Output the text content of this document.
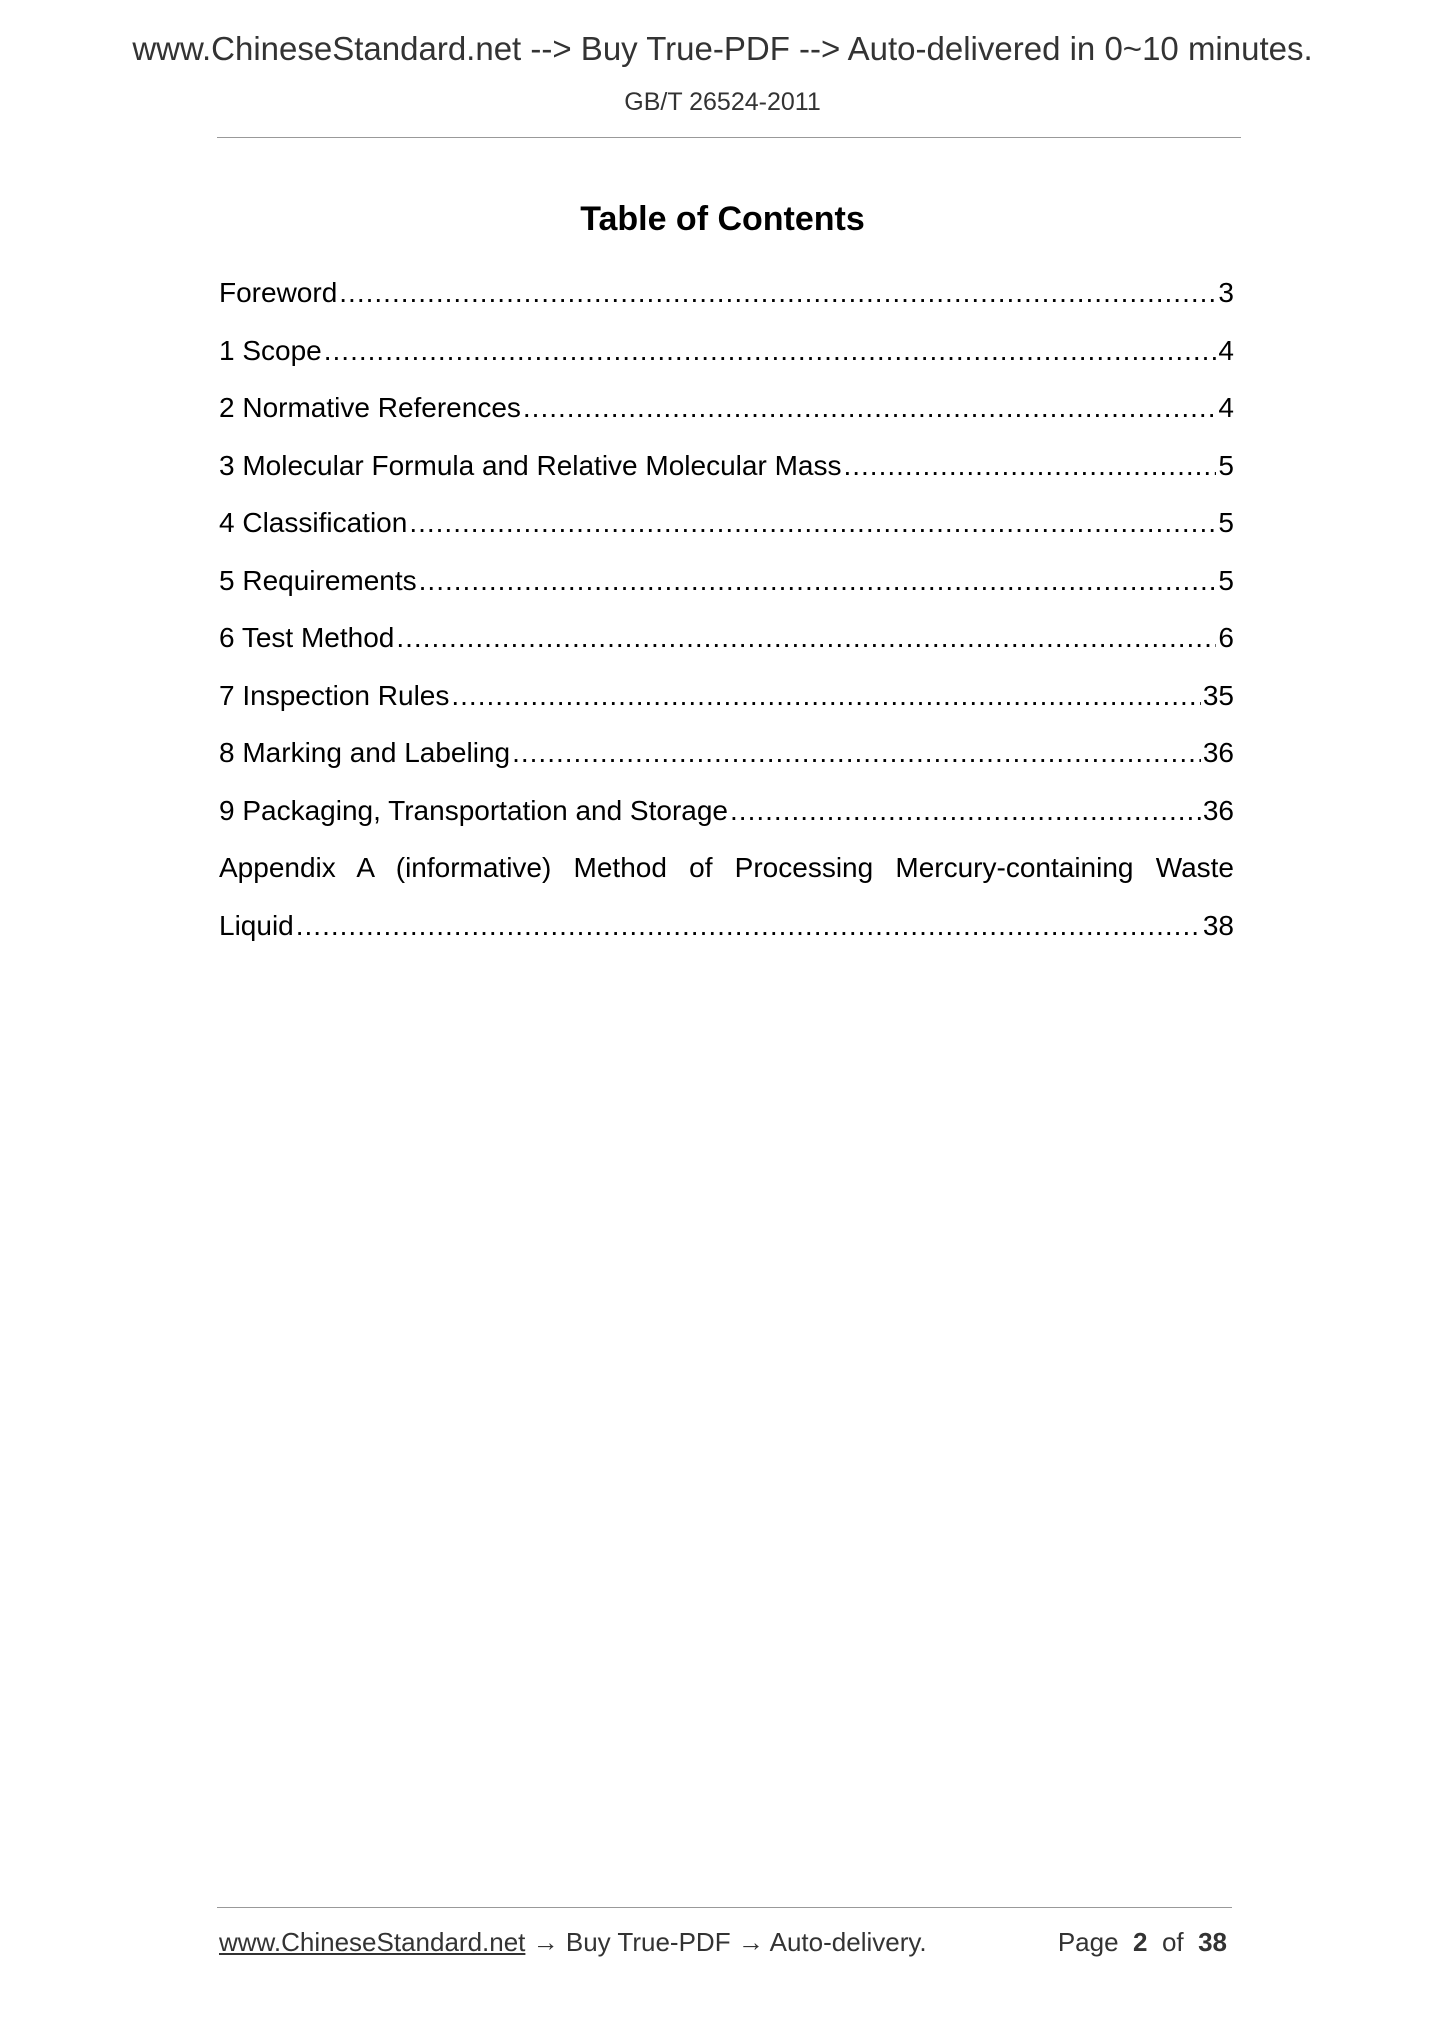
www.ChineseStandard.net --> Buy True-PDF --> Auto-delivered in 0~10 minutes.
GB/T 26524-2011
Table of Contents
Foreword .....	3
1 Scope .....	4
2 Normative References .....	4
3 Molecular Formula and Relative Molecular Mass .....	5
4 Classification .....	5
5 Requirements .....	5
6 Test Method .....	6
7 Inspection Rules .....	35
8 Marking and Labeling .....	36
9 Packaging, Transportation and Storage .....	36
Appendix A (informative) Method of Processing Mercury-containing Waste
Liquid .....	38
www.ChineseStandard.net → Buy True-PDF → Auto-delivery.	Page 2 of 38
